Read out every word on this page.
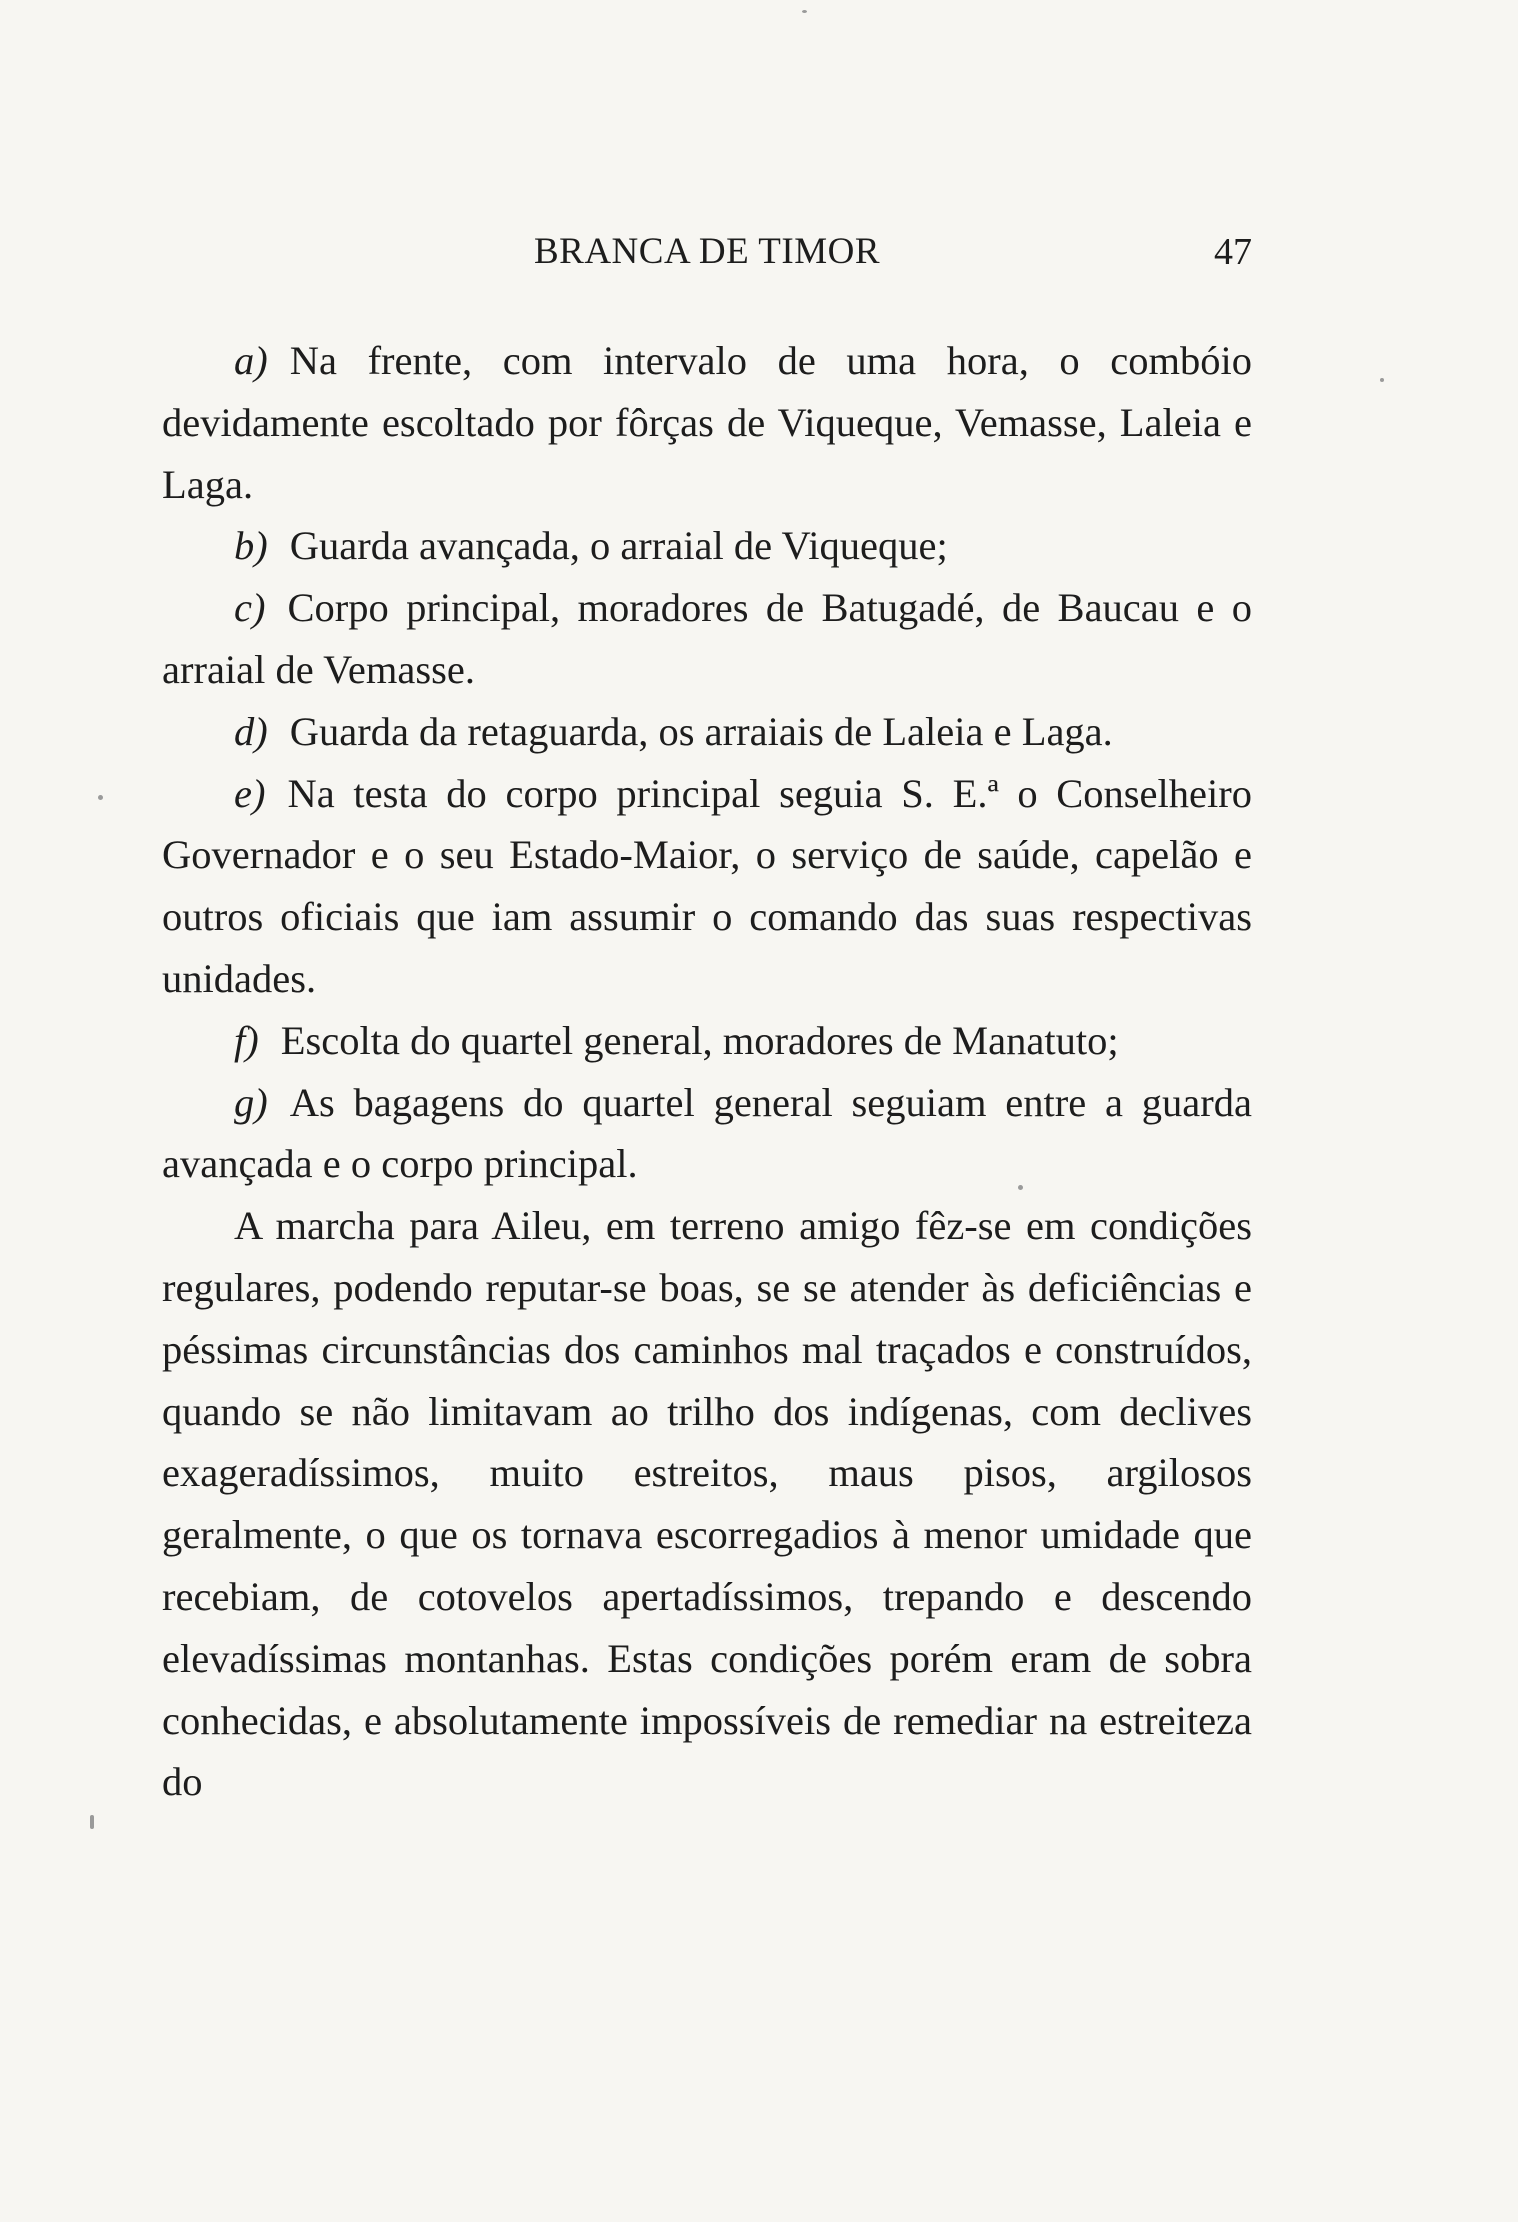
BRANCA DE TIMOR	47

a) Na frente, com intervalo de uma hora, o combóio devidamente escoltado por fôrças de Viqueque, Vemasse, Laleia e Laga.

b) Guarda avançada, o arraial de Viqueque;

c) Corpo principal, moradores de Batugadé, de Baucau e o arraial de Vemasse.

d) Guarda da retaguarda, os arraiais de Laleia e Laga.

e) Na testa do corpo principal seguia S. E.ª o Conselheiro Governador e o seu Estado-Maior, o serviço de saúde, capelão e outros oficiais que iam assumir o comando das suas respectivas unidades.

f) Escolta do quartel general, moradores de Manatuto;

g) As bagagens do quartel general seguiam entre a guarda avançada e o corpo principal.

A marcha para Aileu, em terreno amigo fêz-se em condições regulares, podendo reputar-se boas, se se atender às deficiências e péssimas circunstâncias dos caminhos mal traçados e construídos, quando se não limitavam ao trilho dos indígenas, com declives exageradíssimos, muito estreitos, maus pisos, argilosos geralmente, o que os tornava escorregadios à menor umidade que recebiam, de cotovelos apertadíssimos, trepando e descendo elevadíssimas montanhas. Estas condições porém eram de sobra conhecidas, e absolutamente impossíveis de remediar na estreiteza do
